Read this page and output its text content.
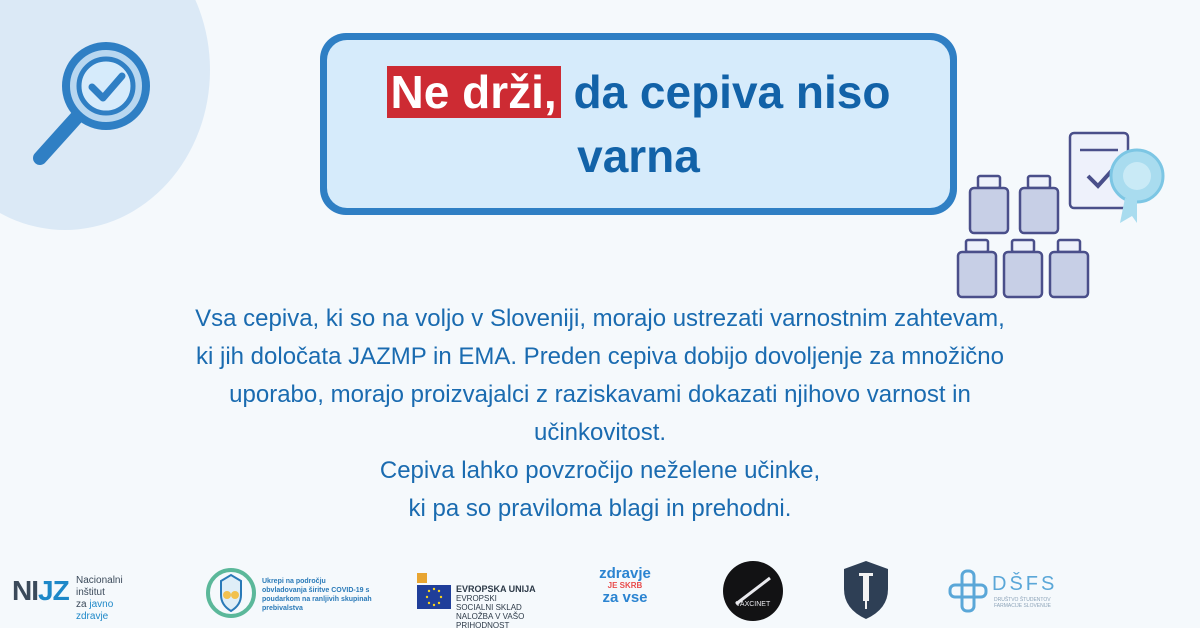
Ne drži, da cepiva niso
varna

Vsa cepiva, ki so na voljo v Sloveniji, morajo ustrezati varnostnim zahtevam,

ki jih določata JAZMP in EMA. Preden cepiva dobijo dovoljenje za množično

uporabo, morajo proizvajalci z raziskavami dokazati njihovo varnost in

učinkovitost.

Cepiva lahko povzročijo neželene učinke,

ki pa so praviloma blagi in prehodni.

NIJZ Nacionalni inštitut
za javno zdravje
Ukrepi na področju obvladovanja širitve COVID-19 s poudarkom na ranljivih skupinah prebivalstva
EVROPSKA UNIJA
EVROPSKI
SOCIALNI SKLAD
NALOŽBA V VAŠO PRIHODNOST
zdravje
JE SKRB
za vse	VAXCINET
DŠFS
DRUŠTVO ŠTUDENTOV FARMACIJE SLOVENIJE
